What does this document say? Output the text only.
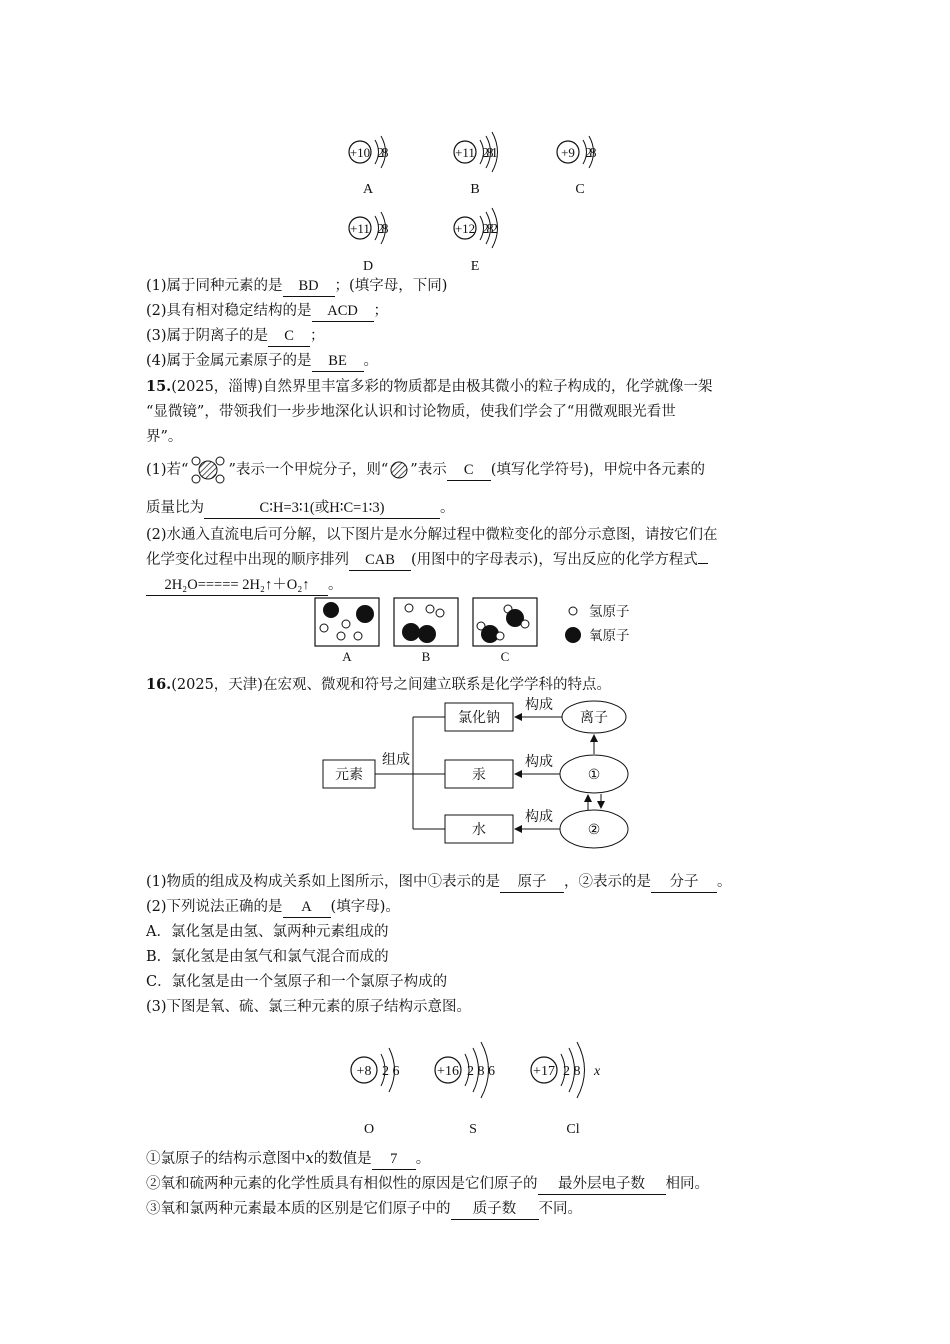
+10 2 8
A
+11 2 8 1
B
+9 2 8
C
+11 2 8
D
+12 2 8 2
E
(1)属于同种元素的是 BD ；(填字母，下同)
(2)具有相对稳定结构的是 ACD ；
(3)属于阴离子的是 C ；
(4)属于金属元素原子的是 BE 。
15.(2025，淄博)自然界里丰富多彩的物质都是由极其微小的粒子构成的，化学就像一架
“显微镜”，带领我们一步步地深化认识和讨论物质，使我们学会了“用微观眼光看世
界”。
(1)若“	”表示一个甲烷分子，则“ ”表示 C (填写化学符号)，甲烷中各元素的
质量比为	C∶H=3∶1(或H∶C=1∶3)	。
(2)水通入直流电后可分解，以下图片是水分解过程中微粒变化的部分示意图，请按它们在
化学变化过程中出现的顺序排列 CAB (用图中的字母表示)，写出反应的化学方程式
2H₂O===== 2H₂↑＋O₂↑ 。
A	B	C
氢原子
氧原子
16.(2025，天津)在宏观、微观和符号之间建立联系是化学学科的特点。
元素
组成
氯化钠
汞
水
离子
①
②
构成
构成
构成
(1)物质的组成及构成关系如上图所示，图中①表示的是 原子 ，②表示的是 分子 。
(2)下列说法正确的是 A (填字母)。
A．氯化氢是由氢、氯两种元素组成的
B．氯化氢是由氢气和氯气混合而成的
C．氯化氢是由一个氢原子和一个氯原子构成的
(3)下图是氧、硫、氯三种元素的原子结构示意图。
+8 2 6
O
+16 2 8 6
S
+17 2 8 x
Cl
①氯原子的结构示意图中x的数值是 7 。
②氧和硫两种元素的化学性质具有相似性的原因是它们原子的 最外层电子数 相同。
③氧和氯两种元素最本质的区别是它们原子中的 质子数 不同。
